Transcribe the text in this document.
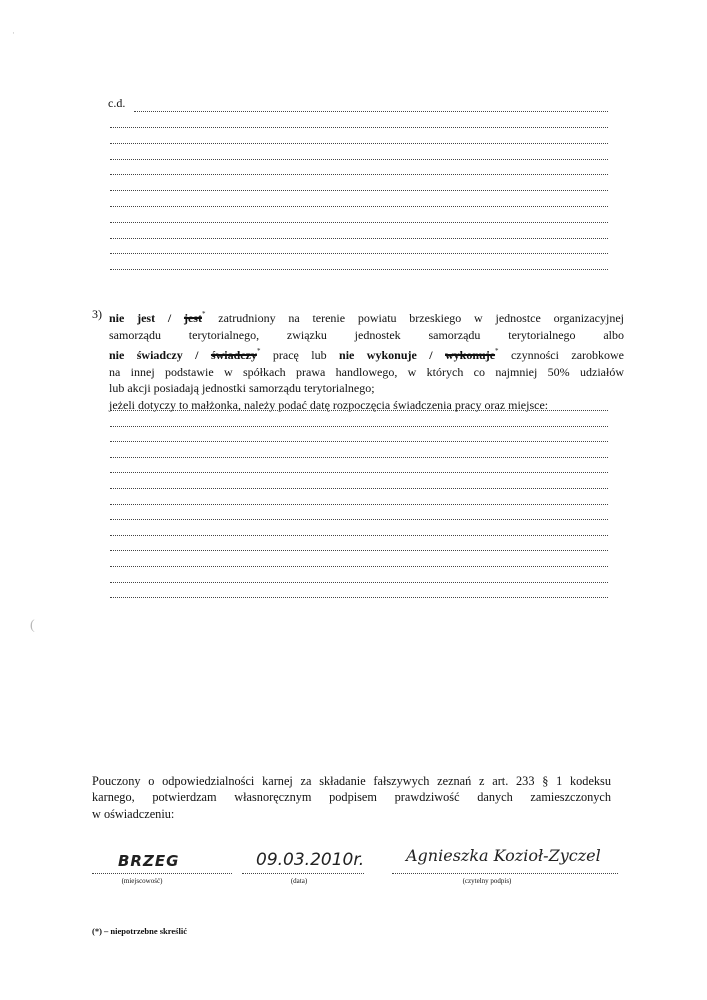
·
(
c.d.
3) nie jest / jest* zatrudniony na terenie powiatu brzeskiego w jednostce organizacyjnej
samorządu terytorialnego, związku jednostek samorządu terytorialnego albo
nie świadczy / świadczy* pracę lub nie wykonuje / wykonuje* czynności zarobkowe
na innej podstawie w spółkach prawa handlowego, w których co najmniej 50% udziałów
lub akcji posiadają jednostki samorządu terytorialnego;
jeżeli dotyczy to małżonka, należy podać datę rozpoczęcia świadczenia pracy oraz miejsce:
Pouczony o odpowiedzialności karnej za składanie fałszywych zeznań z art. 233 § 1 kodeksu
karnego, potwierdzam własnoręcznym podpisem prawdziwość danych zamieszczonych
w oświadczeniu:
BRZEG
(miejscowość)
09.03.2010r.
(data)
Agnieszka Kozioł-Zyczel
(czytelny podpis)
(*) – niepotrzebne skreślić
